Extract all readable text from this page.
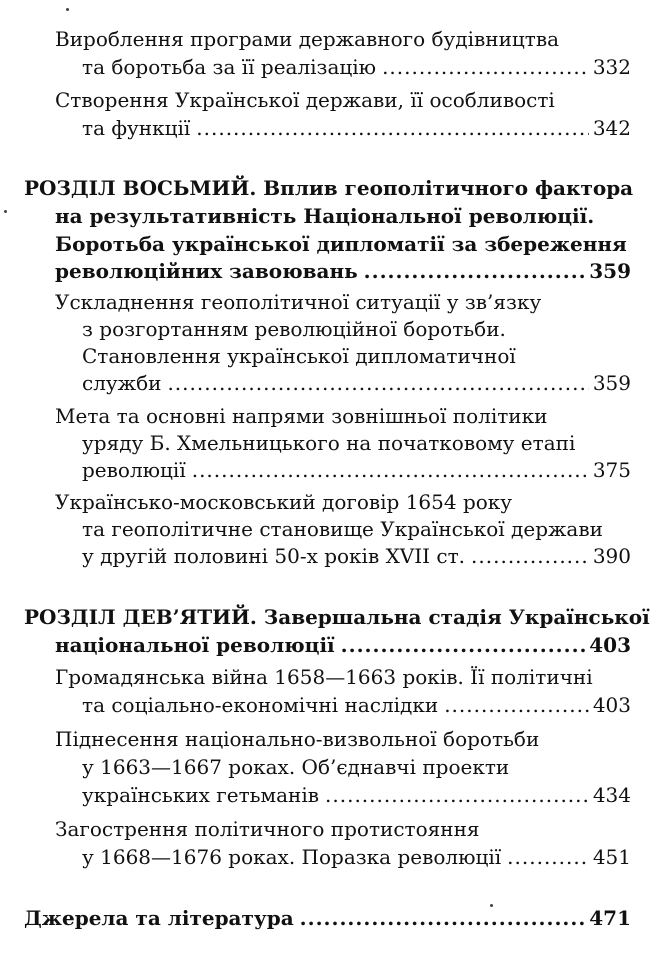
Вироблення програми державного будівництва
та боротьба за її реалізацію .....	332
Створення Української держави, її особливості
та функції .....	342
РОЗДІЛ ВОСЬМИЙ. Вплив геополітичного фактора
на результативність Національної революції.
Боротьба української дипломатії за збереження
революційних завоювань .....	359
Ускладнення геополітичної ситуації у зв’язку
з розгортанням революційної боротьби.
Становлення української дипломатичної
служби .....	359
Мета та основні напрями зовнішньої політики
уряду Б. Хмельницького на початковому етапі
революції .....	375
Українсько-московський договір 1654 року
та геополітичне становище Української держави
у другій половині 50-х років XVII ст. .....	390
РОЗДІЛ ДЕВ’ЯТИЙ. Завершальна стадія Української
національної революції .....	403
Громадянська війна 1658—1663 років. Її політичні
та соціально-економічні наслідки .....	403
Піднесення національно-визвольної боротьби
у 1663—1667 роках. Об’єднавчі проекти
українських гетьманів .....	434
Загострення політичного протистояння
у 1668—1676 роках. Поразка революції .....	451
Джерела та література .....	471
